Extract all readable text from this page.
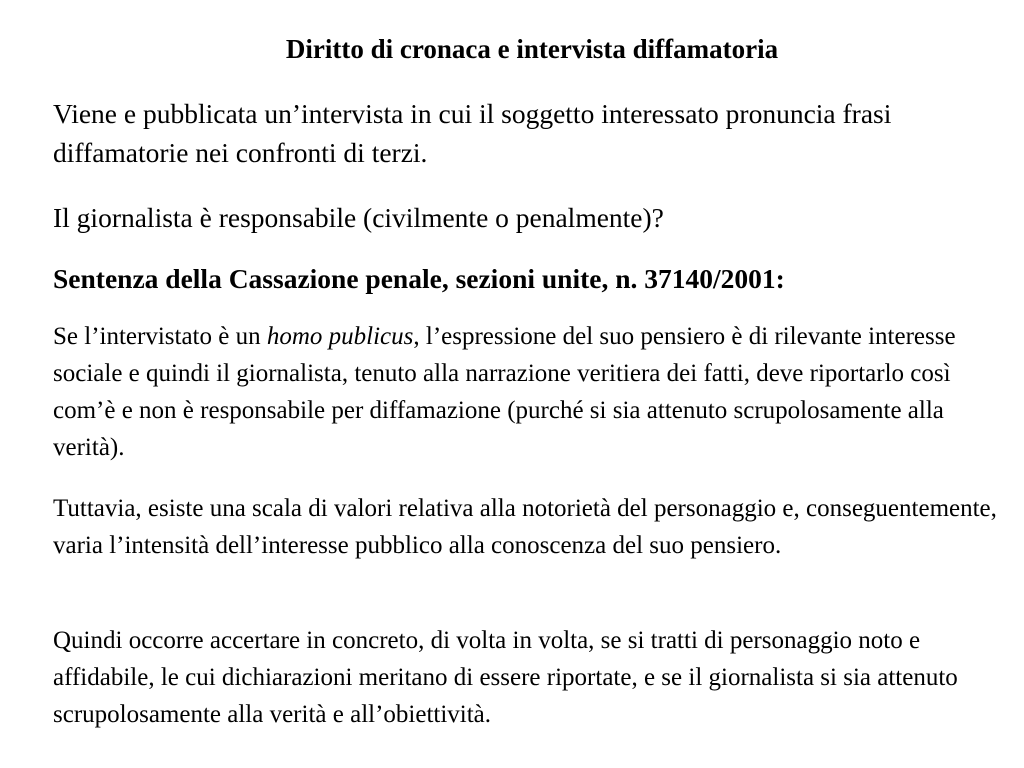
Diritto di cronaca e intervista diffamatoria

Viene e pubblicata un’intervista in cui il soggetto interessato pronuncia frasi diffamatorie nei confronti di terzi.

Il giornalista è responsabile (civilmente o penalmente)?

Sentenza della Cassazione penale, sezioni unite, n. 37140/2001:

Se l’intervistato è un homo publicus, l’espressione del suo pensiero è di rilevante interesse sociale e quindi il giornalista, tenuto alla narrazione veritiera dei fatti, deve riportarlo così com’è e non è responsabile per diffamazione (purché si sia attenuto scrupolosamente alla verità).

Tuttavia, esiste una scala di valori relativa alla notorietà del personaggio e, conseguentemente, varia l’intensità dell’interesse pubblico alla conoscenza del suo pensiero.

Quindi occorre accertare in concreto, di volta in volta, se si tratti di personaggio noto e affidabile, le cui dichiarazioni meritano di essere riportate, e se il giornalista si sia attenuto scrupolosamente alla verità e all’obiettività.
